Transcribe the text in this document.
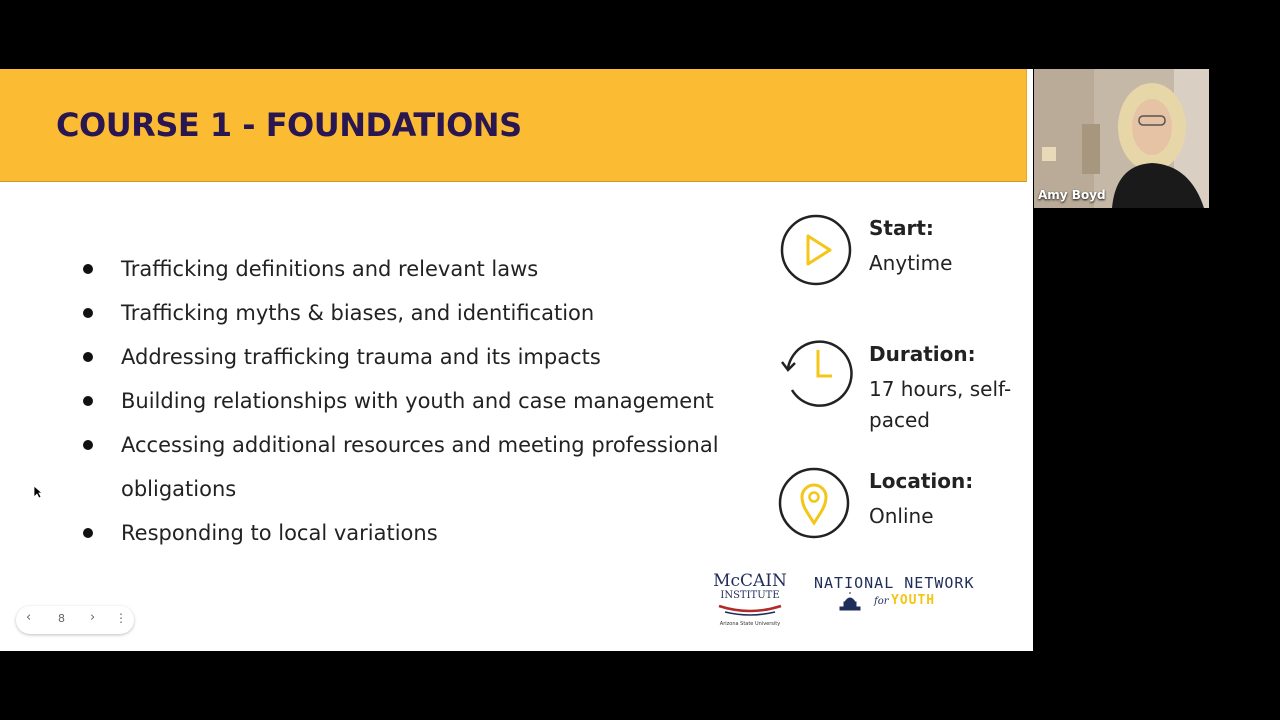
COURSE 1 - FOUNDATIONS
Trafficking definitions and relevant laws
Trafficking myths & biases, and identification
Addressing trafficking trauma and its impacts
Building relationships with youth and case management
Accessing additional resources and meeting professional obligations
Responding to local variations
Start:
Anytime
Duration:
17 hours, self-paced
Location:
Online
McCAIN
INSTITUTE
Arizona State University
NATIONAL NETWORK
for YOUTH
‹ 8 › ⋮
Amy Boyd
